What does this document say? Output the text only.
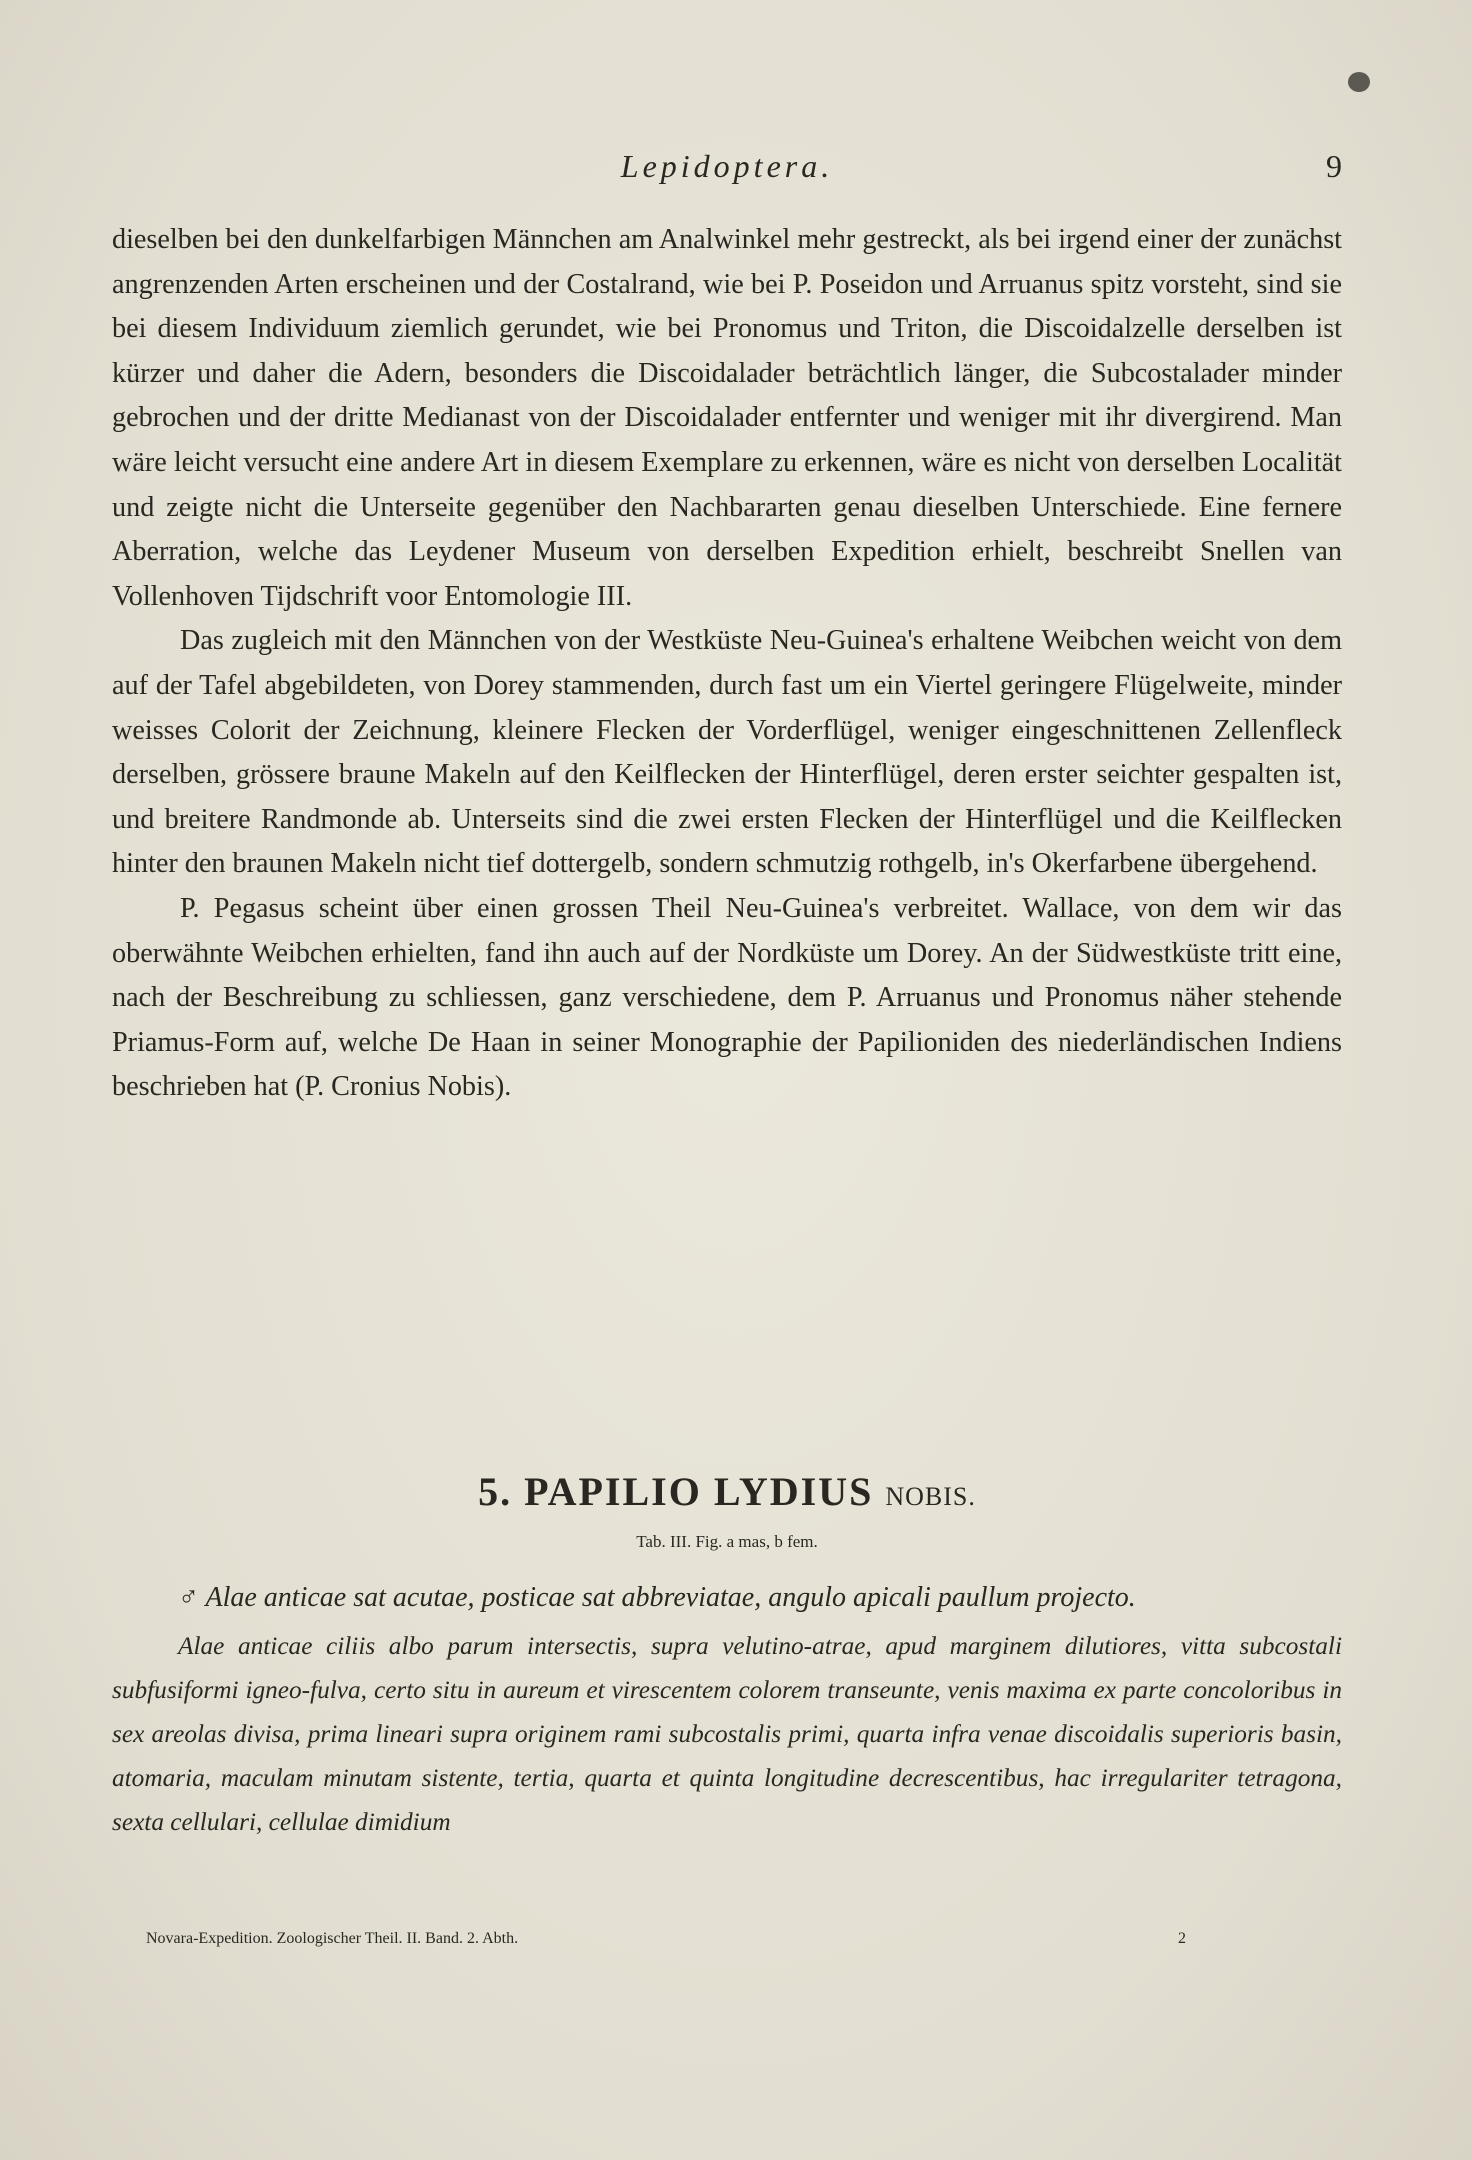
Lepidoptera.	9

dieselben bei den dunkelfarbigen Männchen am Analwinkel mehr gestreckt, als bei irgend einer der zunächst angrenzenden Arten erscheinen und der Costalrand, wie bei P. Poseidon und Arruanus spitz vorsteht, sind sie bei diesem Individuum ziemlich gerundet, wie bei Pronomus und Triton, die Discoidalzelle derselben ist kürzer und daher die Adern, besonders die Discoidalader beträchtlich länger, die Subcostalader minder gebrochen und der dritte Medianast von der Discoidalader entfernter und weniger mit ihr divergirend. Man wäre leicht versucht eine andere Art in diesem Exemplare zu erkennen, wäre es nicht von derselben Localität und zeigte nicht die Unterseite gegenüber den Nachbararten genau dieselben Unterschiede. Eine fernere Aberration, welche das Leydener Museum von derselben Expedition erhielt, beschreibt Snellen van Vollenhoven Tijdschrift voor Entomologie III.

Das zugleich mit den Männchen von der Westküste Neu-Guinea's erhaltene Weibchen weicht von dem auf der Tafel abgebildeten, von Dorey stammenden, durch fast um ein Viertel geringere Flügelweite, minder weisses Colorit der Zeichnung, kleinere Flecken der Vorderflügel, weniger eingeschnittenen Zellenfleck derselben, grössere braune Makeln auf den Keilflecken der Hinterflügel, deren erster seichter gespalten ist, und breitere Randmonde ab. Unterseits sind die zwei ersten Flecken der Hinterflügel und die Keilflecken hinter den braunen Makeln nicht tief dottergelb, sondern schmutzig rothgelb, in's Okerfarbene übergehend.

P. Pegasus scheint über einen grossen Theil Neu-Guinea's verbreitet. Wallace, von dem wir das oberwähnte Weibchen erhielten, fand ihn auch auf der Nordküste um Dorey. An der Südwestküste tritt eine, nach der Beschreibung zu schliessen, ganz verschiedene, dem P. Arruanus und Pronomus näher stehende Priamus-Form auf, welche De Haan in seiner Monographie der Papilioniden des niederländischen Indiens beschrieben hat (P. Cronius Nobis).

5. PAPILIO LYDIUS NOBIS.
Tab. III. Fig. a mas, b fem.

♂ Alae anticae sat acutae, posticae sat abbreviatae, angulo apicali paullum projecto.

Alae anticae ciliis albo parum intersectis, supra velutino-atrae, apud marginem dilutiores, vitta subcostali subfusiformi igneo-fulva, certo situ in aureum et virescentem colorem transeunte, venis maxima ex parte concoloribus in sex areolas divisa, prima lineari supra originem rami subcostalis primi, quarta infra venae discoidalis superioris basin, atomaria, maculam minutam sistente, tertia, quarta et quinta longitudine decrescentibus, hac irregulariter tetragona, sexta cellulari, cellulae dimidium

Novara-Expedition. Zoologischer Theil. II. Band. 2. Abth.	2
